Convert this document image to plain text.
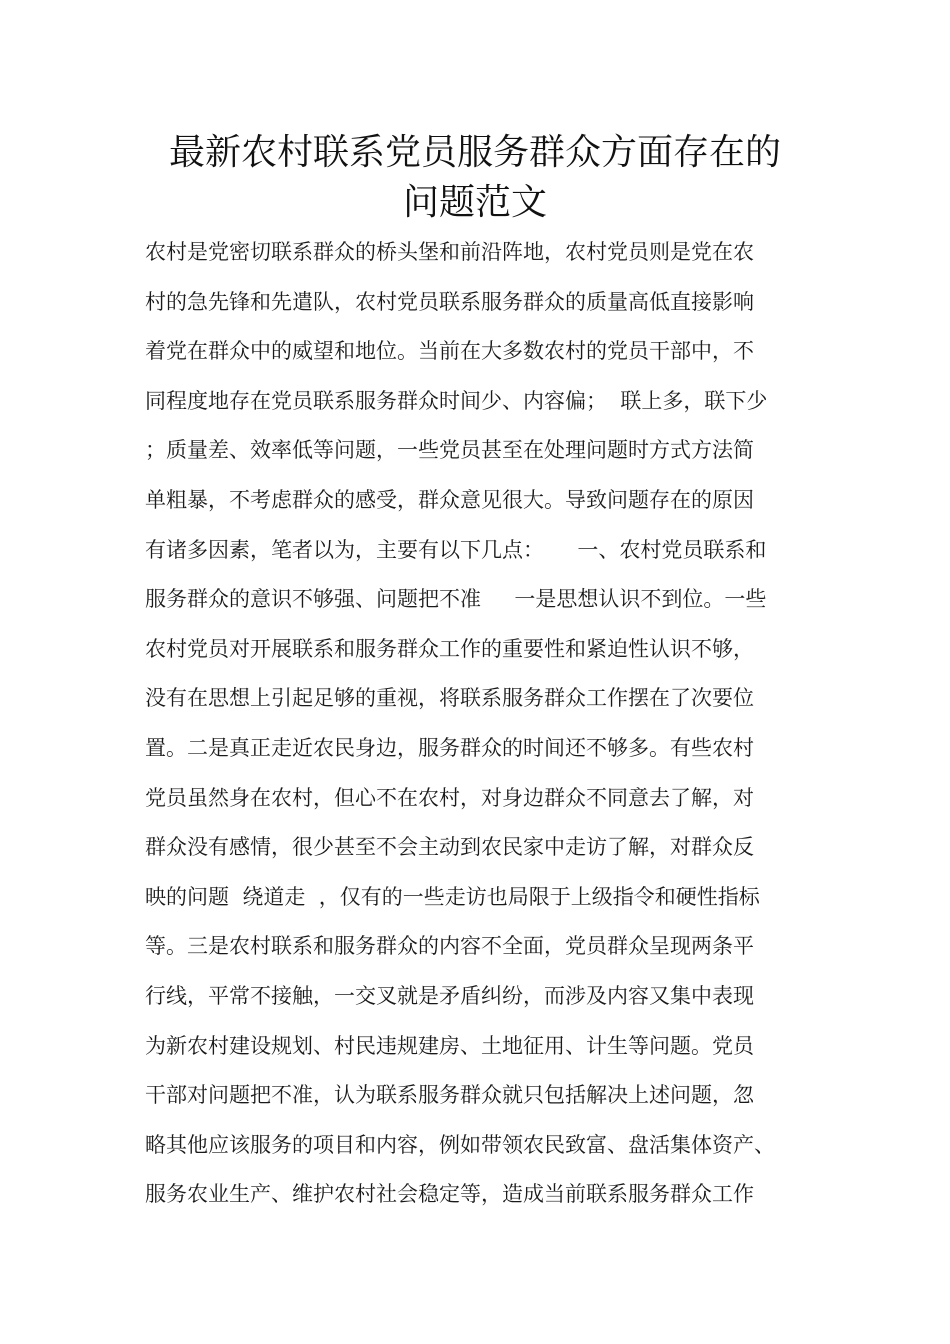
最新农村联系党员服务群众方面存在的
问题范文
农村是党密切联系群众的桥头堡和前沿阵地，农村党员则是党在农
村的急先锋和先遣队，农村党员联系服务群众的质量高低直接影响
着党在群众中的威望和地位。当前在大多数农村的党员干部中，不
同程度地存在党员联系服务群众时间少、内容偏；  联上多，联下少
；质量差、效率低等问题，一些党员甚至在处理问题时方式方法简
单粗暴，不考虑群众的感受，群众意见很大。导致问题存在的原因
有诸多因素，笔者以为，主要有以下几点：     一、农村党员联系和
服务群众的意识不够强、问题把不准     一是思想认识不到位。一些
农村党员对开展联系和服务群众工作的重要性和紧迫性认识不够，
没有在思想上引起足够的重视，将联系服务群众工作摆在了次要位
置。二是真正走近农民身边，服务群众的时间还不够多。有些农村
党员虽然身在农村，但心不在农村，对身边群众不同意去了解，对
群众没有感情，很少甚至不会主动到农民家中走访了解，对群众反
映的问题  绕道走  ，仅有的一些走访也局限于上级指令和硬性指标
等。三是农村联系和服务群众的内容不全面，党员群众呈现两条平
行线，平常不接触，一交叉就是矛盾纠纷，而涉及内容又集中表现
为新农村建设规划、村民违规建房、土地征用、计生等问题。党员
干部对问题把不准，认为联系服务群众就只包括解决上述问题，忽
略其他应该服务的项目和内容，例如带领农民致富、盘活集体资产、
服务农业生产、维护农村社会稳定等，造成当前联系服务群众工作
